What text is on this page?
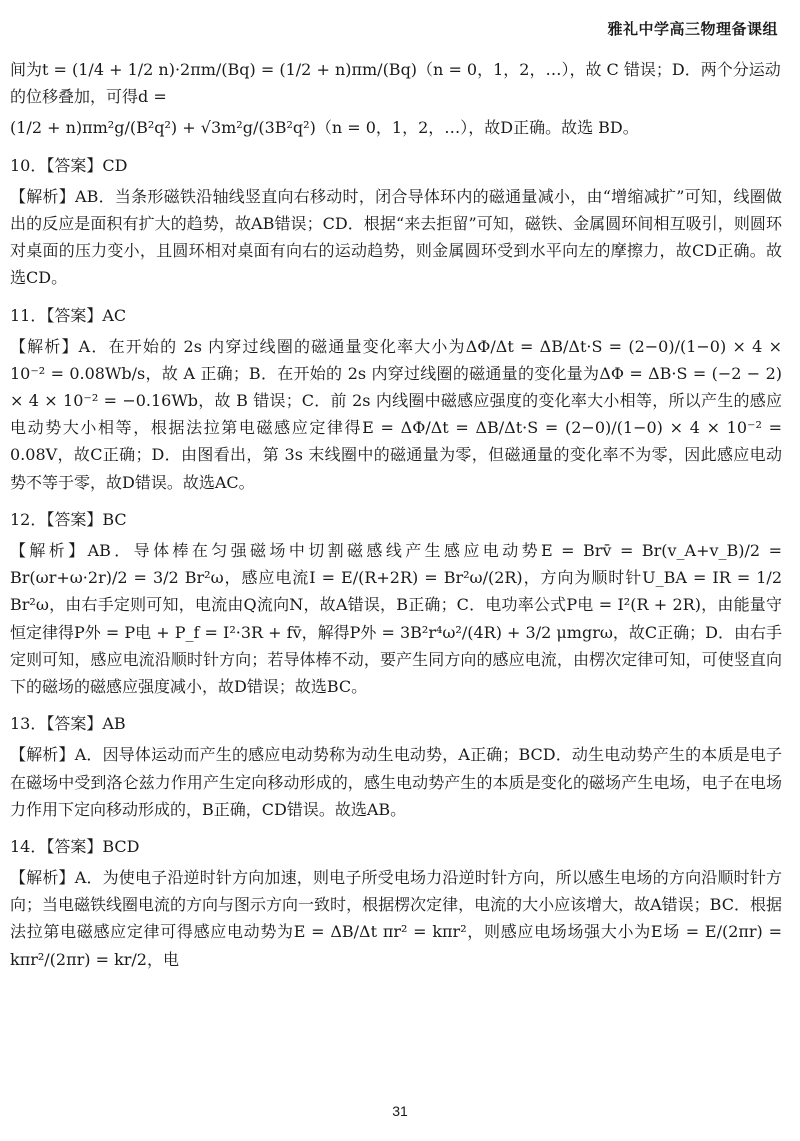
雅礼中学高三物理备课组

间为t = (1/4 + 1/2 n)·2πm/(Bq) = (1/2 + n)πm/(Bq)（n = 0，1，2，…），故 C 错误；D．两个分运动的位移叠加，可得d =

(1/2 + n)πm²g/(B²q²) + √3m²g/(3B²q²)（n = 0，1，2，…），故D正确。故选 BD。

10．【答案】CD

【解析】AB．当条形磁铁沿轴线竖直向右移动时，闭合导体环内的磁通量减小，由“增缩减扩”可知，线圈做出的反应是面积有扩大的趋势，故AB错误；CD．根据“来去拒留”可知，磁铁、金属圆环间相互吸引，则圆环对桌面的压力变小，且圆环相对桌面有向右的运动趋势，则金属圆环受到水平向左的摩擦力，故CD正确。故选CD。

11．【答案】AC

【解析】A．在开始的 2s 内穿过线圈的磁通量变化率大小为ΔΦ/Δt = ΔB/Δt·S = (2−0)/(1−0) × 4 × 10⁻² = 0.08Wb/s，故 A 正确；B．在开始的 2s 内穿过线圈的磁通量的变化量为ΔΦ = ΔB·S = (−2 − 2) × 4 × 10⁻² = −0.16Wb，故 B 错误；C．前 2s 内线圈中磁感应强度的变化率大小相等，所以产生的感应电动势大小相等，根据法拉第电磁感应定律得E = ΔΦ/Δt = ΔB/Δt·S = (2−0)/(1−0) × 4 × 10⁻² = 0.08V，故C正确；D．由图看出，第 3s 末线圈中的磁通量为零，但磁通量的变化率不为零，因此感应电动势不等于零，故D错误。故选AC。

12．【答案】BC

【解析】AB．导体棒在匀强磁场中切割磁感线产生感应电动势E = Brv̄ = Br(v_A+v_B)/2 = Br(ωr+ω·2r)/2 = 3/2 Br²ω，感应电流I = E/(R+2R) = Br²ω/(2R)，方向为顺时针U_BA = IR = 1/2 Br²ω，由右手定则可知，电流由Q流向N，故A错误，B正确；C．电功率公式P电 = I²(R + 2R)，由能量守恒定律得P外 = P电 + P_f = I²·3R + fv̄，解得P外 = 3B²r⁴ω²/(4R) + 3/2 μmgrω，故C正确；D．由右手定则可知，感应电流沿顺时针方向；若导体棒不动，要产生同方向的感应电流，由楞次定律可知，可使竖直向下的磁场的磁感应强度减小，故D错误；故选BC。

13．【答案】AB

【解析】A．因导体运动而产生的感应电动势称为动生电动势，A正确；BCD．动生电动势产生的本质是电子在磁场中受到洛仑兹力作用产生定向移动形成的，感生电动势产生的本质是变化的磁场产生电场，电子在电场力作用下定向移动形成的，B正确，CD错误。故选AB。

14．【答案】BCD

【解析】A．为使电子沿逆时针方向加速，则电子所受电场力沿逆时针方向，所以感生电场的方向沿顺时针方向；当电磁铁线圈电流的方向与图示方向一致时，根据楞次定律，电流的大小应该增大，故A错误；BC．根据法拉第电磁感应定律可得感应电动势为E = ΔB/Δt πr² = kπr²，则感应电场场强大小为E场 = E/(2πr) = kπr²/(2πr) = kr/2，电

31
